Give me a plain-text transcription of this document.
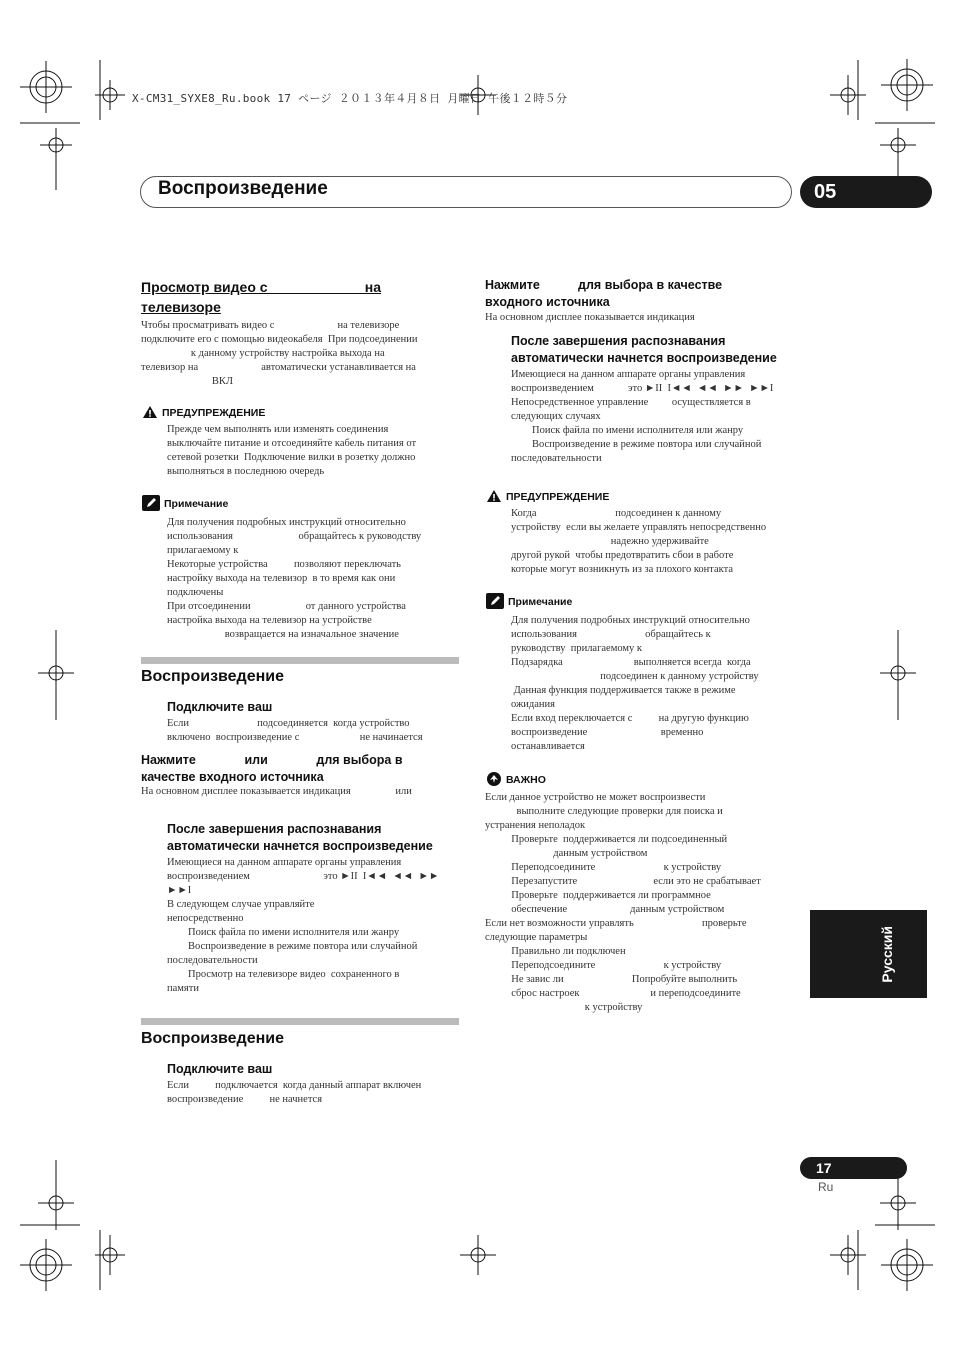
X-CM31_SYXE8_Ru.book 17 ページ ２０１３年４月８日 月曜日 午後１２時５分
Воспроизведение	05
Просмотр видео с                         на
телевизоре
Чтобы просматривать видео с                        на телевизоре
подключите его с помощью видеокабеля  При подсоединении
к данному устройству настройка выхода на
телевизор на                        автоматически устанавливается на
ВКЛ
ПРЕДУПРЕЖДЕНИЕ
Прежде чем выполнять или изменять соединения
выключайте питание и отсоединяйте кабель питания от
сетевой розетки  Подключение вилки в розетку должно
выполняться в последнюю очередь
Примечание
Для получения подробных инструкций относительно
использования                         обращайтесь к руководству
прилагаемому к
Некоторые устройства          позволяют переключать
настройку выхода на телевизор  в то время как они
подключены
При отсоединении                     от данного устройства
настройка выхода на телевизор на устройстве
возвращается на изначальное значение
Воспроизведение
Подключите ваш
Если                          подсоединяется  когда устройство
включено  воспроизведение с                       не начинается
Нажмите              или              для выбора в
качестве входного источника
На основном дисплее показывается индикация                 или
После завершения распознавания
автоматически начнется воспроизведение
Имеющиеся на данном аппарате органы управления
воспроизведением                            это ►II  I◄◄  ◄◄  ►►
►►I
В следующем случае управляйте
непосредственно
Поиск файла по имени исполнителя или жанру
Воспроизведение в режиме повтора или случайной
последовательности
Просмотр на телевизоре видео  сохраненного в
памяти
Воспроизведение
Подключите ваш
Если          подключается  когда данный аппарат включен
воспроизведение          не начнется
Нажмите           для выбора в качестве
входного источника
На основном дисплее показывается индикация
После завершения распознавания
автоматически начнется воспроизведение
Имеющиеся на данном аппарате органы управления
воспроизведением             это ►II  I◄◄  ◄◄  ►►  ►►I
Непосредственное управление         осуществляется в
следующих случаях
Поиск файла по имени исполнителя или жанру
Воспроизведение в режиме повтора или случайной
последовательности
ПРЕДУПРЕЖДЕНИЕ
Когда                              подсоединен к данному
устройству  если вы желаете управлять непосредственно
надежно удерживайте
другой рукой  чтобы предотвратить сбои в работе
которые могут возникнуть из за плохого контакта
Примечание
Для получения подробных инструкций относительно
использования                          обращайтесь к
руководству  прилагаемому к
Подзарядка                           выполняется всегда  когда
подсоединен к данному устройству
Данная функция поддерживается также в режиме
ожидания
Если вход переключается с          на другую функцию
воспроизведение                            временно
останавливается
ВАЖНО
Если данное устройство не может воспроизвести
выполните следующие проверки для поиска и
устранения неполадок
Проверьте  поддерживается ли подсоединенный
данным устройством
Переподсоедините                          к устройству
Перезапустите                             если это не срабатывает
Проверьте  поддерживается ли программное
обеспечение                        данным устройством
Если нет возможности управлять                          проверьте
следующие параметры
Правильно ли подключен
Переподсоедините                          к устройству
Не завис ли                          Попробуйте выполнить
сброс настроек                           и переподсоедините
к устройству
Русский
17
Ru
